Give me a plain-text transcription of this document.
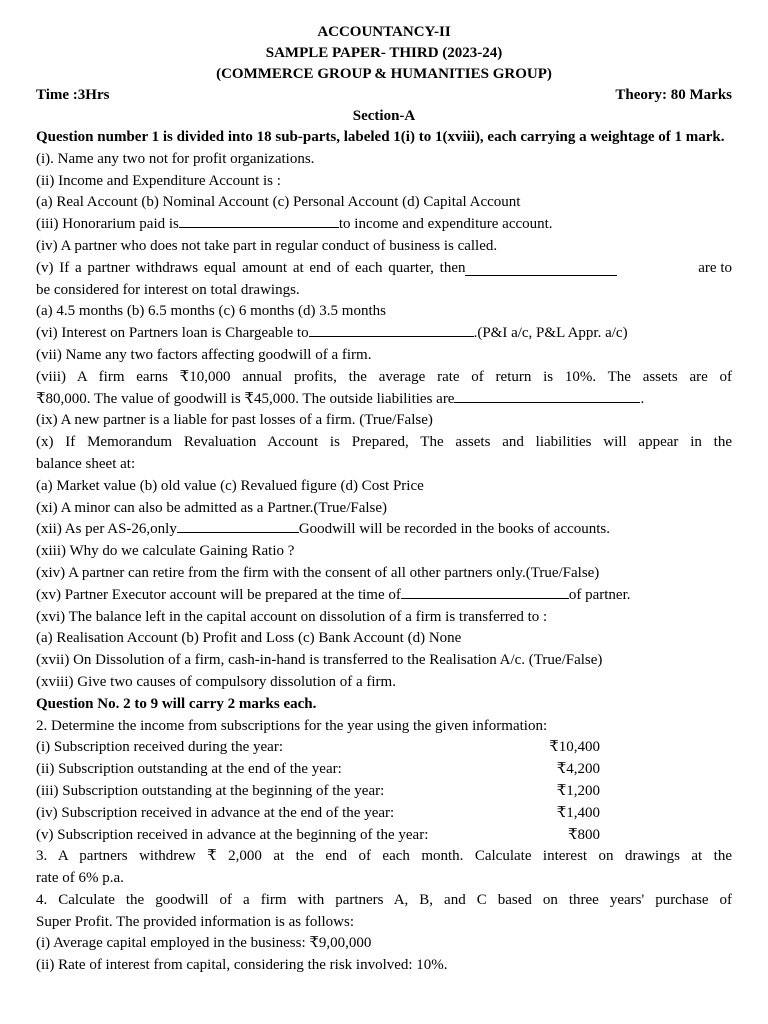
ACCOUNTANCY-II
SAMPLE PAPER- THIRD (2023-24)
(COMMERCE GROUP & HUMANITIES GROUP)
Time :3Hrs	Theory: 80 Marks
Section-A
Question number 1 is divided into 18 sub-parts, labeled 1(i) to 1(xviii), each carrying a weightage of 1 mark.
(i). Name any two not for profit organizations.
(ii) Income and Expenditure Account is :
(a) Real Account (b) Nominal Account (c) Personal Account (d) Capital Account
(iii) Honorarium paid is	to income and expenditure account.
(iv) A partner who does not take part in regular conduct of business is called.
(v) If a partner withdraws equal amount at end of each quarter, then	are to
be considered for interest on total drawings.
(a) 4.5 months (b) 6.5 months (c) 6 months (d) 3.5 months
(vi) Interest on Partners loan is Chargeable to	.(P&I a/c, P&L Appr. a/c)
(vii) Name any two factors affecting goodwill of a firm.
(viii) A firm earns ₹10,000 annual profits, the average rate of return is 10%. The assets are of
₹80,000. The value of goodwill is ₹45,000. The outside liabilities are	.
(ix) A new partner is a liable for past losses of a firm. (True/False)
(x) If Memorandum Revaluation Account is Prepared, The assets and liabilities will appear in the
balance sheet at:
(a) Market value (b) old value (c) Revalued figure (d) Cost Price
(xi) A minor can also be admitted as a Partner.(True/False)
(xii) As per AS-26,only	Goodwill will be recorded in the books of accounts.
(xiii) Why do we calculate Gaining Ratio ?
(xiv) A partner can retire from the firm with the consent of all other partners only.(True/False)
(xv) Partner Executor account will be prepared at the time of	of partner.
(xvi) The balance left in the capital account on dissolution of a firm is transferred to :
(a) Realisation Account (b) Profit and Loss (c) Bank Account (d) None
(xvii) On Dissolution of a firm, cash-in-hand is transferred to the Realisation A/c. (True/False)
(xviii) Give two causes of compulsory dissolution of a firm.
Question No. 2 to 9 will carry 2 marks each.
2. Determine the income from subscriptions for the year using the given information:
(i) Subscription received during the year:	₹10,400
(ii) Subscription outstanding at the end of the year:	₹4,200
(iii) Subscription outstanding at the beginning of the year:	₹1,200
(iv) Subscription received in advance at the end of the year:	₹1,400
(v) Subscription received in advance at the beginning of the year:	₹800
3. A partners withdrew ₹ 2,000 at the end of each month. Calculate interest on drawings at the
rate of 6% p.a.
4. Calculate the goodwill of a firm with partners A, B, and C based on three years' purchase of
Super Profit. The provided information is as follows:
(i) Average capital employed in the business: ₹9,00,000
(ii) Rate of interest from capital, considering the risk involved: 10%.
